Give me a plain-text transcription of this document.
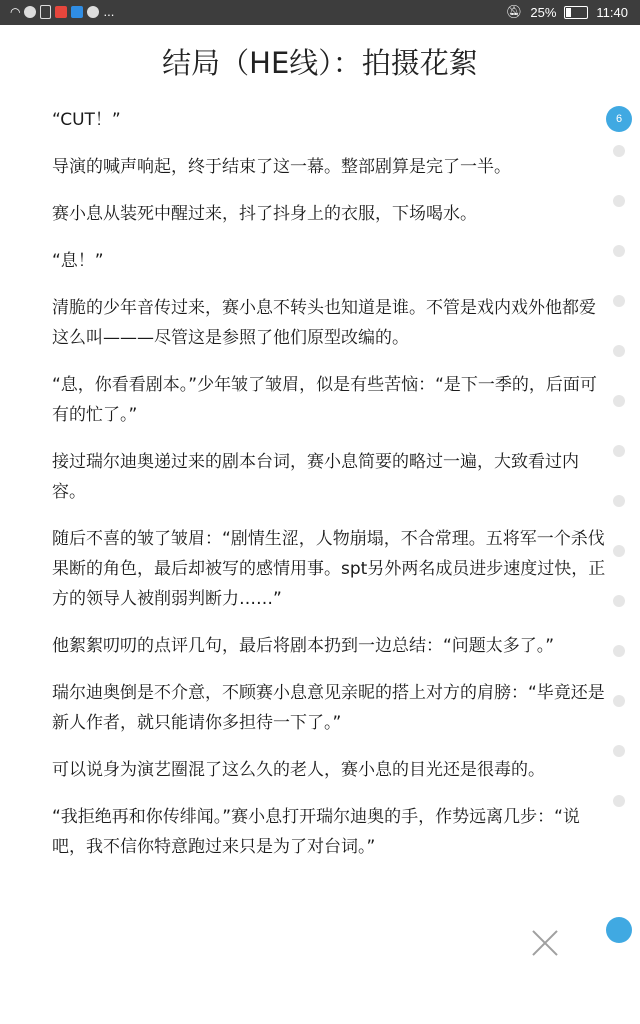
◠	...	🔕︎ 25%	11:40
结局（HE线）：拍摄花絮

“CUT！”

导演的喊声响起，终于结束了这一幕。整部剧算是完了一半。

赛小息从装死中醒过来，抖了抖身上的衣服，下场喝水。

“息！”

清脆的少年音传过来，赛小息不转头也知道是谁。不管是戏内戏外他都爱这么叫———尽管这是参照了他们原型改编的。

“息，你看看剧本。”少年皱了皱眉，似是有些苦恼：“是下一季的，后面可有的忙了。”

接过瑞尔迪奥递过来的剧本台词，赛小息简要的略过一遍，大致看过内容。

随后不喜的皱了皱眉：“剧情生涩，人物崩塌，不合常理。五将军一个杀伐果断的角色，最后却被写的感情用事。spt另外两名成员进步速度过快，正方的领导人被削弱判断力……”

他絮絮叨叨的点评几句，最后将剧本扔到一边总结：“问题太多了。”

瑞尔迪奥倒是不介意，不顾赛小息意见亲昵的搭上对方的肩膀：“毕竟还是新人作者，就只能请你多担待一下了。”

可以说身为演艺圈混了这么久的老人，赛小息的目光还是很毒的。

“我拒绝再和你传绯闻。”赛小息打开瑞尔迪奥的手，作势远离几步：“说吧，我不信你特意跑过来只是为了对台词。”

6
